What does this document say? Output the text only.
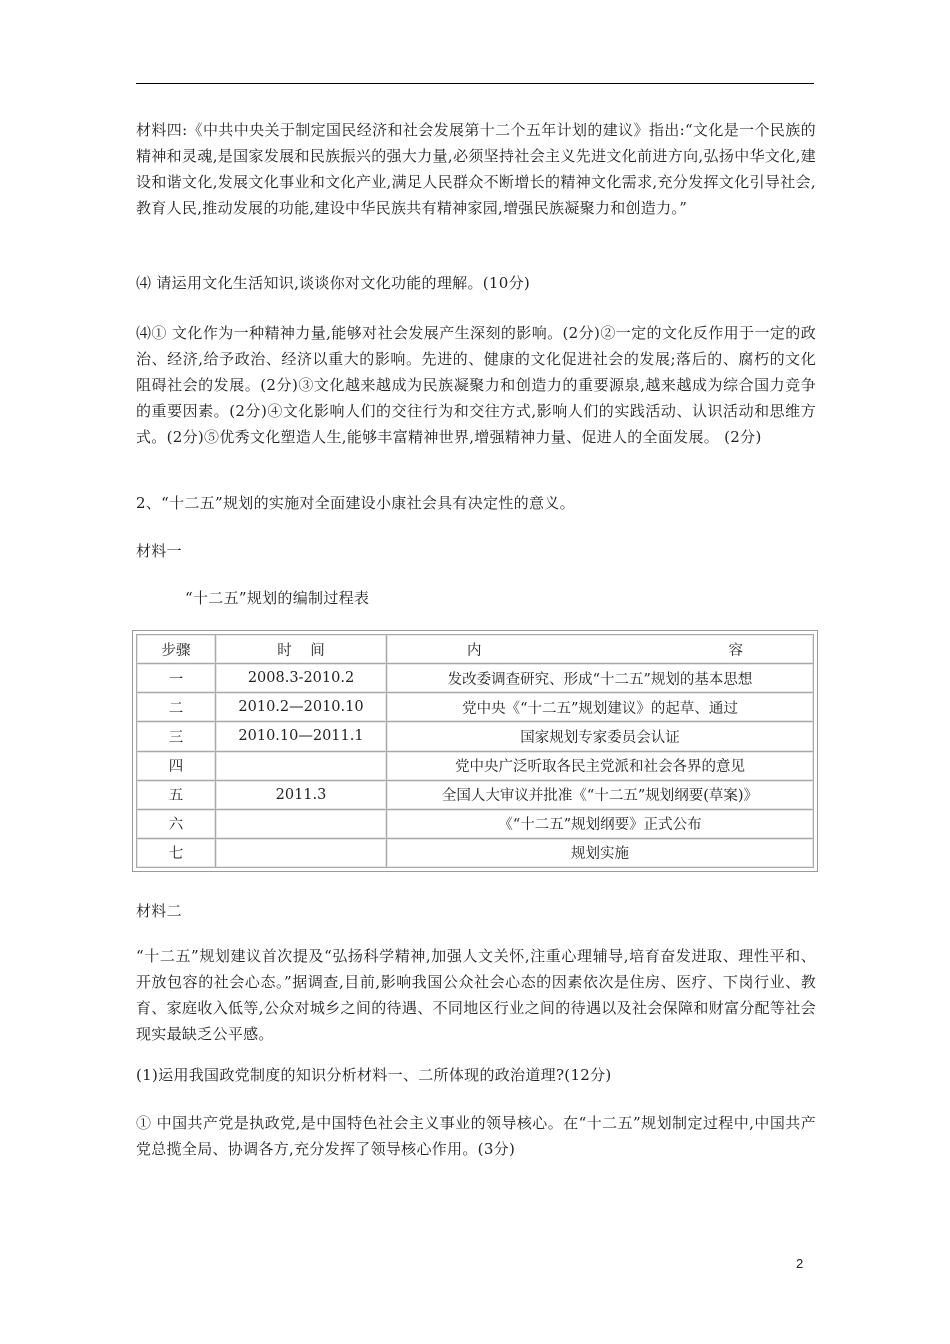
材料四:《中共中央关于制定国民经济和社会发展第十二个五年计划的建议》指出:“文化是一个民族的精神和灵魂,是国家发展和民族振兴的强大力量,必须坚持社会主义先进文化前进方向,弘扬中华文化,建设和谐文化,发展文化事业和文化产业,满足人民群众不断增长的精神文化需求,充分发挥文化引导社会,教育人民,推动发展的功能,建设中华民族共有精神家园,增强民族凝聚力和创造力。”

⑷ 请运用文化生活知识,谈谈你对文化功能的理解。(10分)

⑷① 文化作为一种精神力量,能够对社会发展产生深刻的影响。(2分)②一定的文化反作用于一定的政治、经济,给予政治、经济以重大的影响。先进的、健康的文化促进社会的发展;落后的、腐朽的文化阻碍社会的发展。(2分)③文化越来越成为民族凝聚力和创造力的重要源泉,越来越成为综合国力竞争的重要因素。(2分)④文化影响人们的交往行为和交往方式,影响人们的实践活动、认识活动和思维方式。(2分)⑤优秀文化塑造人生,能够丰富精神世界,增强精神力量、促进人的全面发展。 (2分)

2、“十二五”规划的实施对全面建设小康社会具有决定性的意义。

材料一

“十二五”规划的编制过程表

步骤	时    间	内 容

一	2008.3-2010.2	发改委调查研究、形成“十二五”规划的基本思想
二	2010.2—2010.10	党中央《“十二五”规划建议》的起草、通过
三	2010.10—2011.1	国家规划专家委员会认证
四		党中央广泛听取各民主党派和社会各界的意见
五	2011.3	全国人大审议并批准《“十二五”规划纲要(草案)》
六		《“十二五”规划纲要》正式公布
七		规划实施

材料二

“十二五”规划建议首次提及“弘扬科学精神,加强人文关怀,注重心理辅导,培育奋发进取、理性平和、开放包容的社会心态。”据调查,目前,影响我国公众社会心态的因素依次是住房、医疗、下岗行业、教育、家庭收入低等,公众对城乡之间的待遇、不同地区行业之间的待遇以及社会保障和财富分配等社会现实最缺乏公平感。

(1)运用我国政党制度的知识分析材料一、二所体现的政治道理?(12分)

① 中国共产党是执政党,是中国特色社会主义事业的领导核心。在“十二五”规划制定过程中,中国共产党总揽全局、协调各方,充分发挥了领导核心作用。(3分)

2
